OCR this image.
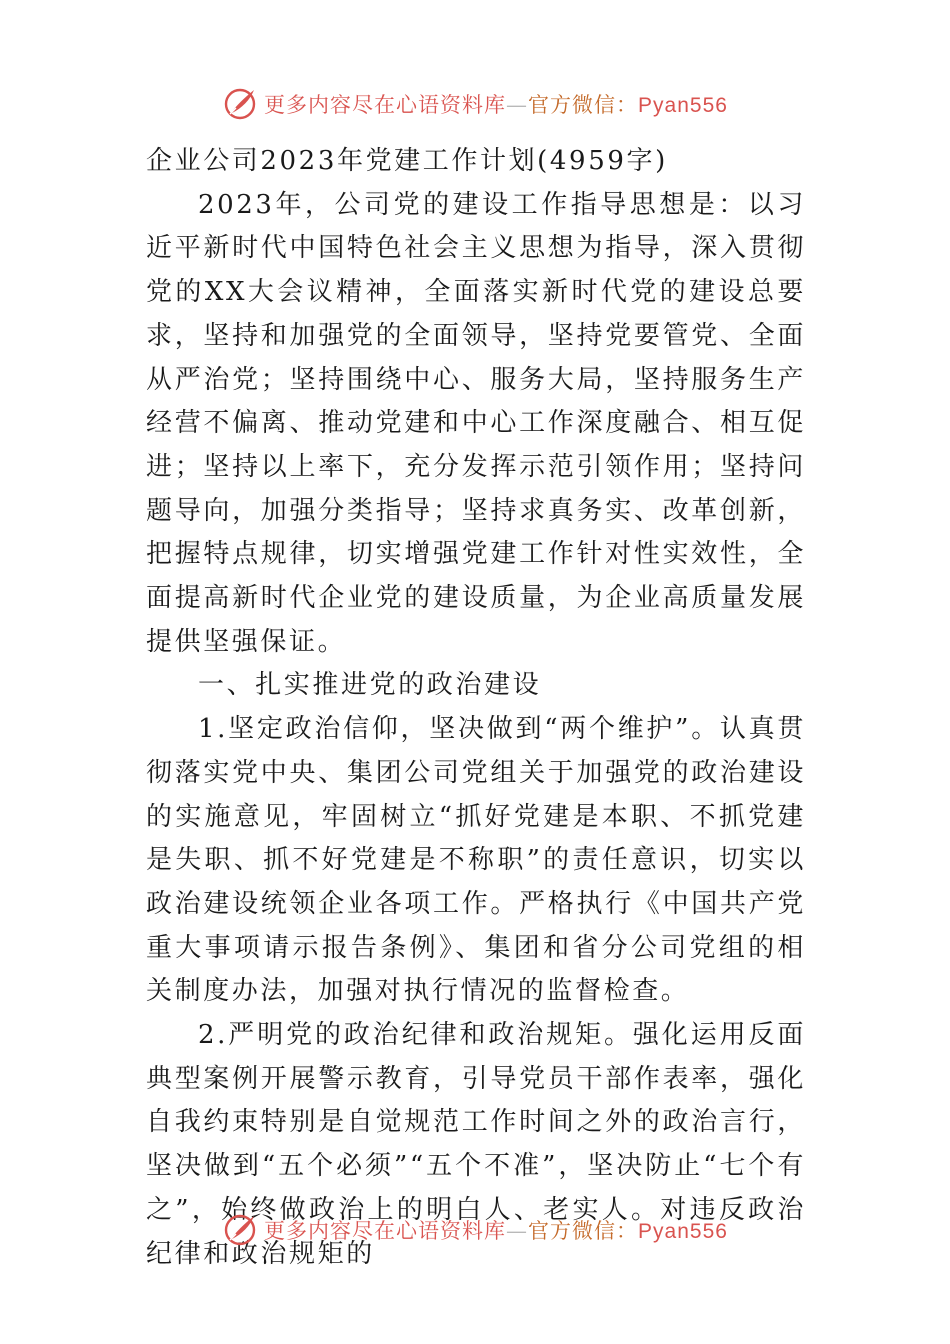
更多内容尽在心语资料库—官方微信：Pyan556

企业公司2023年党建工作计划(4959字)

2023年，公司党的建设工作指导思想是：以习近平新时代中国特色社会主义思想为指导，深入贯彻党的XX大会议精神，全面落实新时代党的建设总要求，坚持和加强党的全面领导，坚持党要管党、全面从严治党；坚持围绕中心、服务大局，坚持服务生产经营不偏离、推动党建和中心工作深度融合、相互促进；坚持以上率下，充分发挥示范引领作用；坚持问题导向，加强分类指导；坚持求真务实、改革创新，把握特点规律，切实增强党建工作针对性实效性，全面提高新时代企业党的建设质量，为企业高质量发展提供坚强保证。

一、扎实推进党的政治建设

1.坚定政治信仰，坚决做到“两个维护”。认真贯彻落实党中央、集团公司党组关于加强党的政治建设的实施意见，牢固树立“抓好党建是本职、不抓党建是失职、抓不好党建是不称职”的责任意识，切实以政治建设统领企业各项工作。严格执行《中国共产党重大事项请示报告条例》、集团和省分公司党组的相关制度办法，加强对执行情况的监督检查。

2.严明党的政治纪律和政治规矩。强化运用反面典型案例开展警示教育，引导党员干部作表率，强化自我约束特别是自觉规范工作时间之外的政治言行，坚决做到“五个必须”“五个不准”，坚决防止“七个有之”，始终做政治上的明白人、老实人。对违反政治纪律和政治规矩的

更多内容尽在心语资料库—官方微信：Pyan556
